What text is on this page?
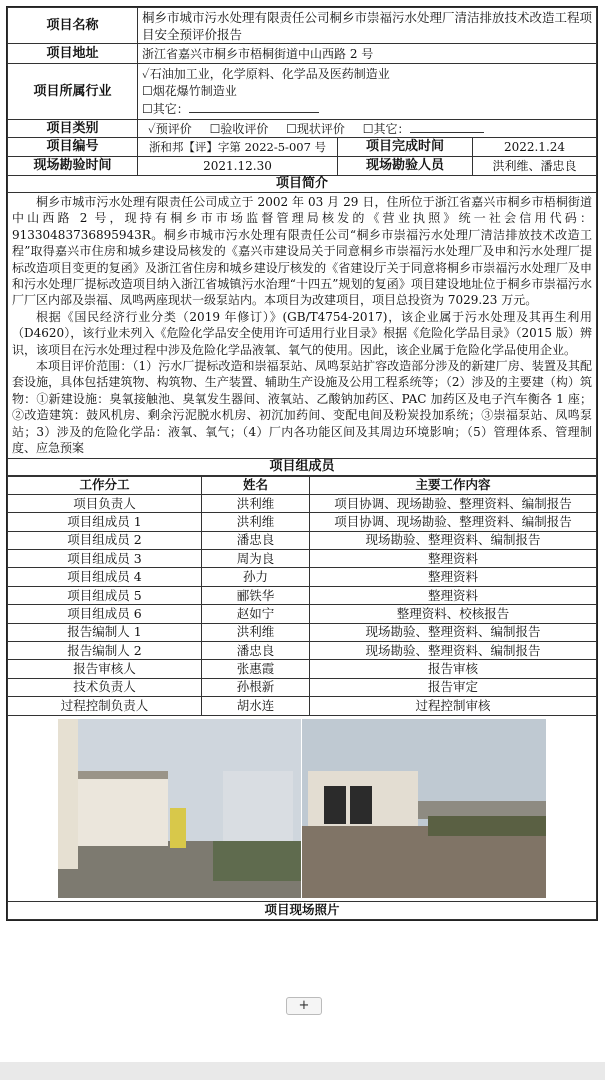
项目名称	桐乡市城市污水处理有限责任公司桐乡市崇福污水处理厂清洁排放技术改造工程项目安全预评价报告		
项目地址	浙江省嘉兴市桐乡市梧桐街道中山西路 2 号		
项目所属行业	✓石油加工业，化学原料、化学品及医药制造业
☐烟花爆竹制造业
☐其它：		

项目类别	✓预评价 ☐验收评价 ☐现状评价 ☐其它：		
项目编号	浙和邦【评】字第 2022-5-007 号	项目完成时间	2022.1.24
现场勘验时间	2021.12.30	现场勘验人员	洪利维、潘忠良
项目简介			

桐乡市城市污水处理有限责任公司成立于 2002 年 03 月 29 日，住所位于浙江省嘉兴市桐乡市梧桐街道中山西路 2 号，现持有桐乡市市场监督管理局核发的《营业执照》统一社会信用代码：91330483736895943R。桐乡市城市污水处理有限责任公司“桐乡市崇福污水处理厂清洁排放技术改造工程”取得嘉兴市住房和城乡建设局核发的《嘉兴市建设局关于同意桐乡市崇福污水处理厂及申和污水处理厂提标改造项目变更的复函》及浙江省住房和城乡建设厅核发的《省建设厅关于同意将桐乡市崇福污水处理厂及申和污水处理厂提标改造项目纳入浙江省城镇污水治理“十四五”规划的复函》项目建设地址位于桐乡市崇福污水厂厂区内部及崇福、凤鸣两座现状一级泵站内。本项目为改建项目，项目总投资为 7029.23 万元。

根据《国民经济行业分类（2019 年修订）》(GB/T4754-2017)，该企业属于污水处理及其再生利用（D4620），该行业未列入《危险化学品安全使用许可适用行业目录》根据《危险化学品目录》（2015 版）辨识，该项目在污水处理过程中涉及危险化学品液氧、氧气的使用。因此，该企业属于危险化学品使用企业。

本项目评价范围：（1）污水厂提标改造和崇福泵站、凤鸣泵站扩容改造部分涉及的新建厂房、装置及其配套设施，具体包括建筑物、构筑物、生产装置、辅助生产设施及公用工程系统等；（2）涉及的主要建（构）筑物：①新建设施：臭氧接触池、臭氧发生器间、液氧站、乙酸钠加药区、PAC 加药区及电子汽车衡各 1 座；②改造建筑：鼓风机房、剩余污泥脱水机房、初沉加药间、变配电间及粉炭投加系统；③崇福泵站、凤鸣泵站；3）涉及的危险化学品：液氧、氧气；（4）厂内各功能区间及其周边环境影响；（5）管理体系、管理制度、应急预案			

项目组成员			
工作分工	姓名	主要工作内容
项目负责人	洪利维	项目协调、现场勘验、整理资料、编制报告
项目组成员 1	洪利维	项目协调、现场勘验、整理资料、编制报告
项目组成员 2	潘忠良	现场勘验、整理资料、编制报告
项目组成员 3	周为良	整理资料
项目组成员 4	孙力	整理资料
项目组成员 5	郦铁华	整理资料
项目组成员 6	赵如宁	整理资料、校核报告
报告编制人 1	洪利维	现场勘验、整理资料、编制报告
报告编制人 2	潘忠良	现场勘验、整理资料、编制报告
报告审核人	张惠霞	报告审核
技术负责人	孙根新	报告审定
过程控制负责人	胡水连	过程控制审核

项目现场照片		
+
